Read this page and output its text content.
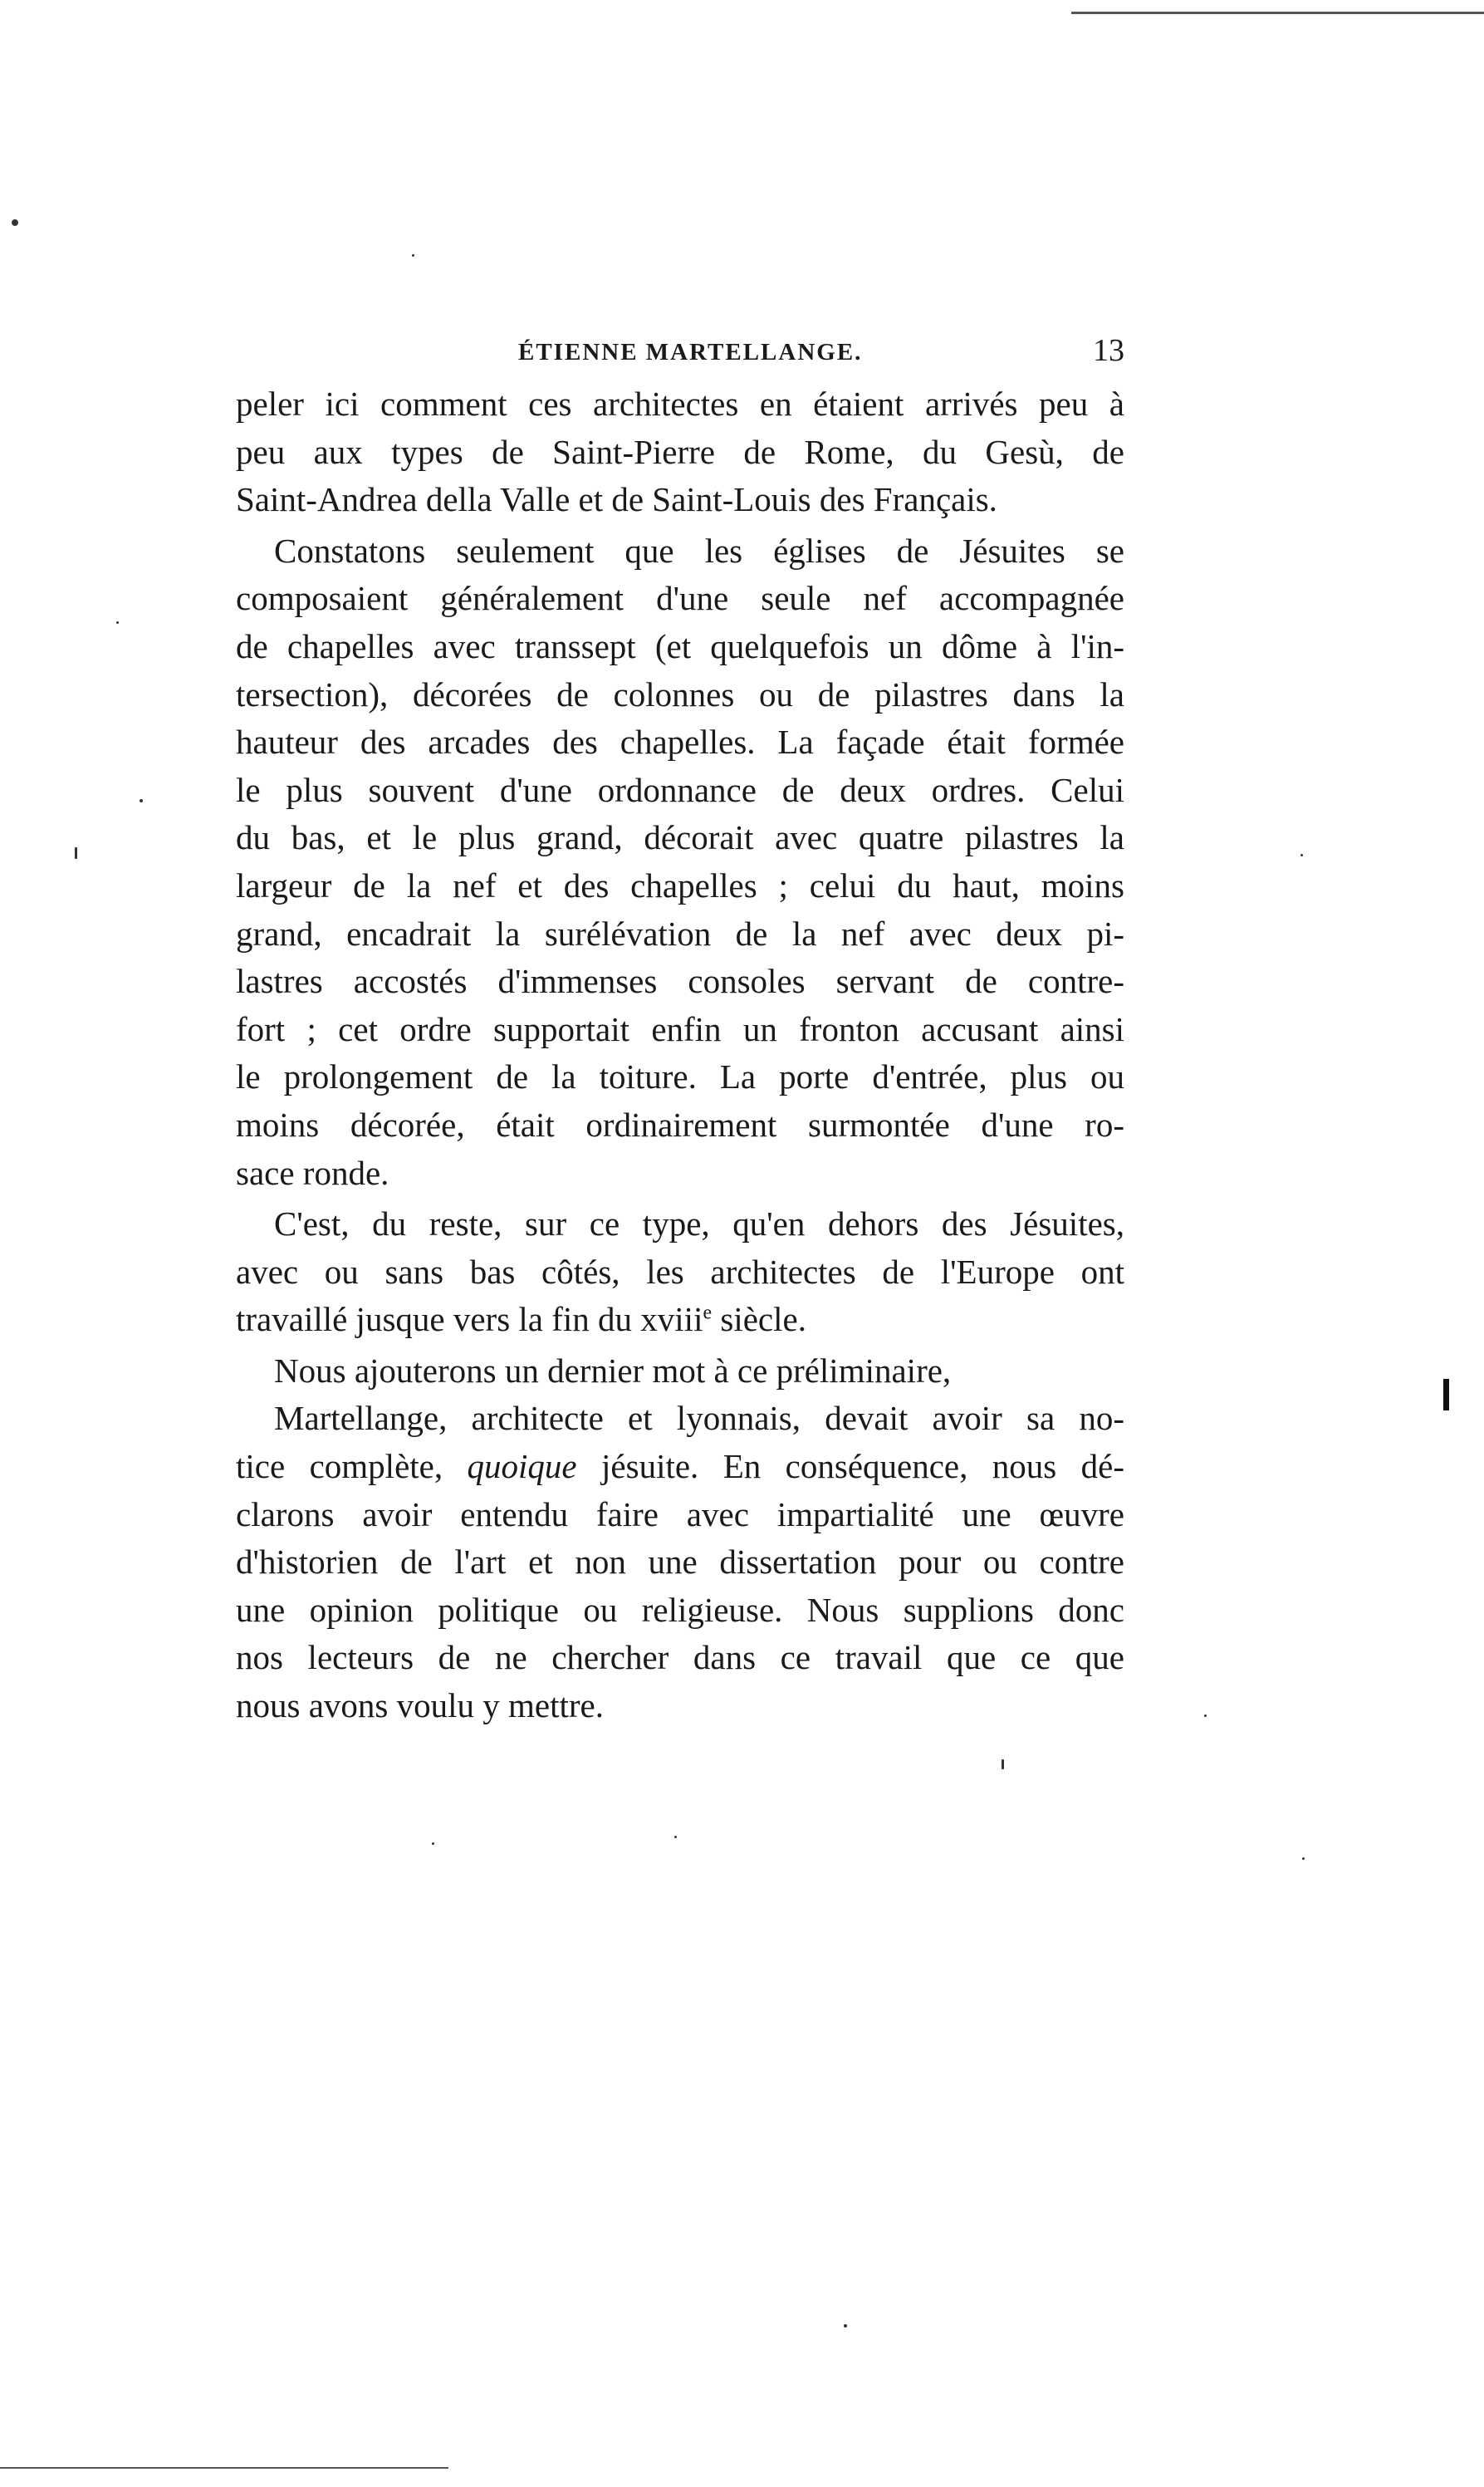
ÉTIENNE MARTELLANGE.	13
peler ici comment ces architectes en étaient arrivés peu à
peu aux types de Saint-Pierre de Rome, du Gesù, de
Saint-Andrea della Valle et de Saint-Louis des Français.
Constatons seulement que les églises de Jésuites se
composaient généralement d'une seule nef accompagnée
de chapelles avec transsept (et quelquefois un dôme à l'in-
tersection), décorées de colonnes ou de pilastres dans la
hauteur des arcades des chapelles. La façade était formée
le plus souvent d'une ordonnance de deux ordres. Celui
du bas, et le plus grand, décorait avec quatre pilastres la
largeur de la nef et des chapelles ; celui du haut, moins
grand, encadrait la surélévation de la nef avec deux pi-
lastres accostés d'immenses consoles servant de contre-
fort ; cet ordre supportait enfin un fronton accusant ainsi
le prolongement de la toiture. La porte d'entrée, plus ou
moins décorée, était ordinairement surmontée d'une ro-
sace ronde.
C'est, du reste, sur ce type, qu'en dehors des Jésuites,
avec ou sans bas côtés, les architectes de l'Europe ont
travaillé jusque vers la fin du xviii$^e$ siècle.
Nous ajouterons un dernier mot à ce préliminaire,
Martellange, architecte et lyonnais, devait avoir sa no-
tice complète, quoique jésuite. En conséquence, nous dé-
clarons avoir entendu faire avec impartialité une œuvre
d'historien de l'art et non une dissertation pour ou contre
une opinion politique ou religieuse. Nous supplions donc
nos lecteurs de ne chercher dans ce travail que ce que
nous avons voulu y mettre.
